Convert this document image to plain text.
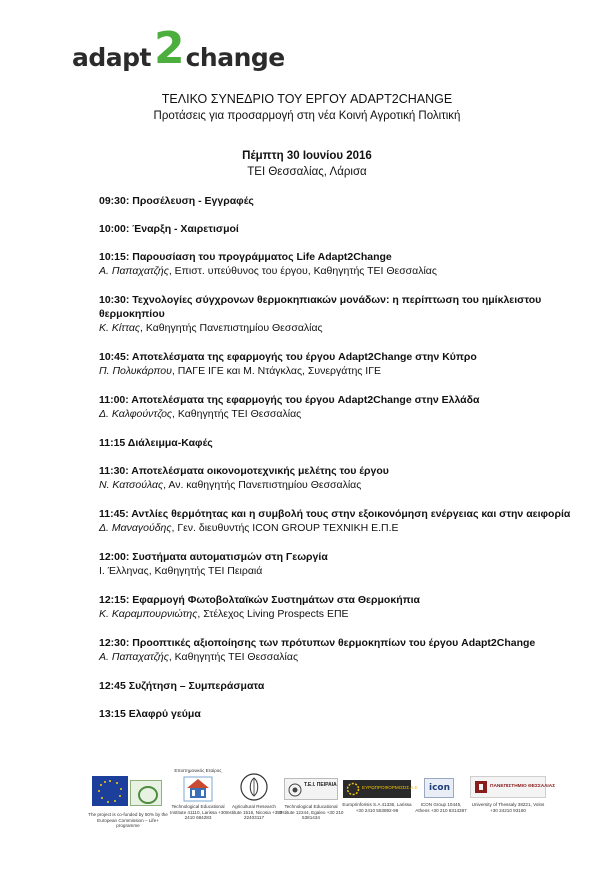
adapt 2 change
ΤΕΛΙΚΟ ΣΥΝΕΔΡΙΟ ΤΟΥ ΕΡΓΟΥ ADAPT2CHANGE
Προτάσεις για προσαρμογή στη νέα Κοινή Αγροτική Πολιτική
Πέμπτη 30 Ιουνίου 2016
ΤΕΙ Θεσσαλίας, Λάρισα
09:30: Προσέλευση - Εγγραφές
10:00: Έναρξη - Χαιρετισμοί
10:15: Παρουσίαση του προγράμματος Life Adapt2Change
Α. Παπαχατζής, Επιστ. υπεύθυνος του έργου, Καθηγητής ΤΕΙ Θεσσαλίας
10:30: Τεχνολογίες σύγχρονων θερμοκηπιακών μονάδων: η περίπτωση του ημίκλειστου θερμοκηπίου
Κ. Κίττας, Καθηγητής Πανεπιστημίου Θεσσαλίας
10:45: Αποτελέσματα της εφαρμογής του έργου Adapt2Change στην Κύπρο
Π. Πολυκάρπου, ΠΑΓΕ ΙΓΕ και Μ. Ντάγκλας, Συνεργάτης ΙΓΕ
11:00: Αποτελέσματα της εφαρμογής του έργου Adapt2Change στην Ελλάδα
Δ. Καλφούντζος, Καθηγητής ΤΕΙ Θεσσαλίας
11:15 Διάλειμμα-Καφές
11:30: Αποτελέσματα οικονομοτεχνικής μελέτης του έργου
Ν. Κατσούλας, Αν. καθηγητής Πανεπιστημίου Θεσσαλίας
11:45: Αντλίες θερμότητας και η συμβολή τους στην εξοικονόμηση ενέργειας και στην αειφορία
Δ. Μαναγούδης, Γεν. διευθυντής ICON GROUP ΤΕΧΝΙΚΗ Ε.Π.Ε
12:00: Συστήματα αυτοματισμών στη Γεωργία
Ι. Έλληνας, Καθηγητής ΤΕΙ Πειραιά
12:15: Εφαρμογή Φωτοβολταϊκών Συστημάτων στα Θερμοκήπια
Κ. Καραμπουρνιώτης, Στέλεχος Living Prospects ΕΠΕ
12:30: Προοπτικές αξιοποίησης των πρότυπων θερμοκηπίων του έργου Adapt2Change
Α. Παπαχατζής, Καθηγητής ΤΕΙ Θεσσαλίας
12:45 Συζήτηση – Συμπεράσματα
13:15 Ελαφρύ γεύμα
The project is co-funded by 50% by the European Commission – Life+ programme
Επιστημονικός Εταίρος
Technological Educational Institute 41110, Larissa +30 2410 684283
Agricultural Research Institute 1516, Nicosia +357 22403117
Τ.Ε.Ι. ΠΕΙΡΑΙΑ
Technological Educational Institute 12244, Egaleo +30 210 5381434
ΕΥΡΩΠΡΟΦΟΡΜΟΣΙΣ Α.Ε
Europrinforisis S.A 41336, Larissa +30 2410 553892-96
icon
ICON Group 10445, Athens +30 210 8314387
ΠΑΝΕΠΙΣΤΗΜΙΟ ΘΕΣΣΑΛΙΑΣ
University of Thessaly 38221, Volos +30 24210 93160
